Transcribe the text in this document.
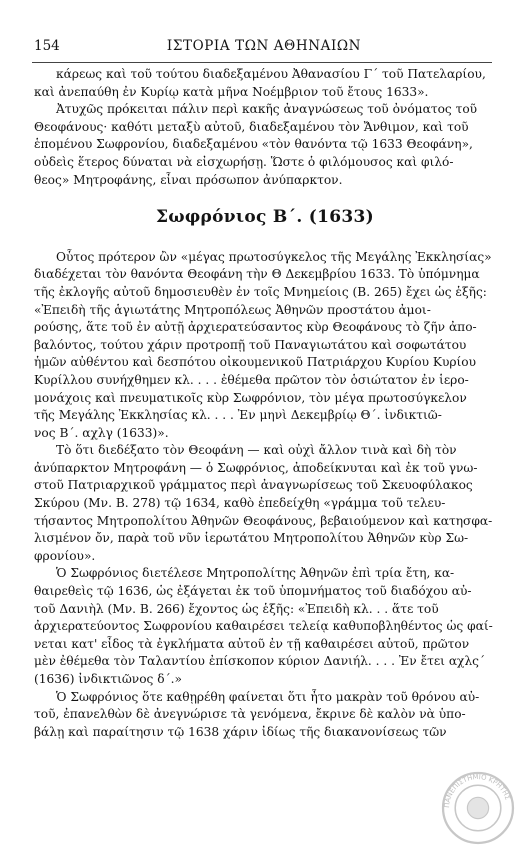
154	ΙΣΤΟΡΙΑ ΤΩΝ ΑΘΗΝΑΙΩΝ
κάρεως καὶ τοῦ τούτου διαδεξαμένου Ἀθανασίου Γ΄ τοῦ Πατελαρίου,
καὶ ἀνεπαύθη ἐν Κυρίῳ κατὰ μῆνα Νοέμβριον τοῦ ἔτους 1633».
Ἀτυχῶς πρόκειται πάλιν περὶ κακῆς ἀναγνώσεως τοῦ ὀνόματος τοῦ
Θεοφάνους· καθότι μεταξὺ αὐτοῦ, διαδεξαμένου τὸν Ἄνθιμον, καὶ τοῦ
ἑπομένου Σωφρονίου, διαδεξαμένου «τὸν θανόντα τῷ 1633 Θεοφάνη»,
οὐδεὶς ἕτερος δύναται νὰ εἰσχωρήσῃ. Ὥστε ὁ φιλόμουσος καὶ φιλό-
θεος» Μητροφάνης, εἶναι πρόσωπον ἀνύπαρκτον.
Σωφρόνιος Β΄. (1633)
Οὗτος πρότερον ὢν «μέγας πρωτοσύγκελος τῆς Μεγάλης Ἐκκλησίας»
διαδέχεται τὸν θανόντα Θεοφάνη τὴν Θ Δεκεμβρίου 1633. Τὸ ὑπόμνημα
τῆς ἐκλογῆς αὐτοῦ δημοσιευθὲν ἐν τοῖς Μνημείοις (Β. 265) ἔχει ὡς ἑξῆς:
«Ἐπειδὴ τῆς ἁγιωτάτης Μητροπόλεως Ἀθηνῶν προστάτου ἀμοι-
ρούσης, ἅτε τοῦ ἐν αὐτῇ ἀρχιερατεύσαντος κὺρ Θεοφάνους τὸ ζῆν ἀπο-
βαλόντος, τούτου χάριν προτροπῇ τοῦ Παναγιωτάτου καὶ σοφωτάτου
ἡμῶν αὐθέντου καὶ δεσπότου οἰκουμενικοῦ Πατριάρχου Κυρίου Κυρίου
Κυρίλλου συνήχθημεν κλ. . . . ἐθέμεθα πρῶτον τὸν ὁσιώτατον ἐν ἱερο-
μονάχοις καὶ πνευματικοῖς κὺρ Σωφρόνιον, τὸν μέγα πρωτοσύγκελον
τῆς Μεγάλης Ἐκκλησίας κλ. . . . Ἐν μηνὶ Δεκεμβρίῳ Θ΄. ἰνδικτιῶ-
νος Β΄. αχλγ (1633)».
Τὸ ὅτι διεδέξατο τὸν Θεοφάνη — καὶ οὐχὶ ἄλλον τινὰ καὶ δὴ τὸν
ἀνύπαρκτον Μητροφάνη — ὁ Σωφρόνιος, ἀποδείκνυται καὶ ἐκ τοῦ γνω-
στοῦ Πατριαρχικοῦ γράμματος περὶ ἀναγνωρίσεως τοῦ Σκευοφύλακος
Σκύρου (Μν. Β. 278) τῷ 1634, καθὸ ἐπεδείχθη «γράμμα τοῦ τελευ-
τήσαντος Μητροπολίτου Ἀθηνῶν Θεοφάνους, βεβαιούμενον καὶ κατησφα-
λισμένον ὄν, παρὰ τοῦ νῦν ἱερωτάτου Μητροπολίτου Ἀθηνῶν κὺρ Σω-
φρονίου».
Ὁ Σωφρόνιος διετέλεσε Μητροπολίτης Ἀθηνῶν ἐπὶ τρία ἔτη, κα-
θαιρεθεὶς τῷ 1636, ὡς ἐξάγεται ἐκ τοῦ ὑπομνήματος τοῦ διαδόχου αὐ-
τοῦ Δανιὴλ (Μν. Β. 266) ἔχοντος ὡς ἑξῆς: «Ἐπειδὴ κλ. . . ἅτε τοῦ
ἀρχιερατεύοντος Σωφρονίου καθαιρέσει τελείᾳ καθυποβληθέντος ὡς φαί-
νεται κατ' εἶδος τὰ ἐγκλήματα αὐτοῦ ἐν τῇ καθαιρέσει αὐτοῦ, πρῶτον
μὲν ἐθέμεθα τὸν Ταλαντίου ἐπίσκοπον κύριον Δανιήλ. . . . Ἐν ἔτει αχλς΄
(1636) ἰνδικτιῶνος δ΄.»
Ὁ Σωφρόνιος ὅτε καθῃρέθη φαίνεται ὅτι ἦτο μακρὰν τοῦ θρόνου αὐ-
τοῦ, ἐπανελθὼν δὲ ἀνεγνώρισε τὰ γενόμενα, ἔκρινε δὲ καλὸν νὰ ὑπο-
βάλῃ καὶ παραίτησιν τῷ 1638 χάριν ἰδίως τῆς διακανονίσεως τῶν
ΠΑΝΕΠΙΣΤΗΜΙΟ ΚΡΗΤΗΣ
